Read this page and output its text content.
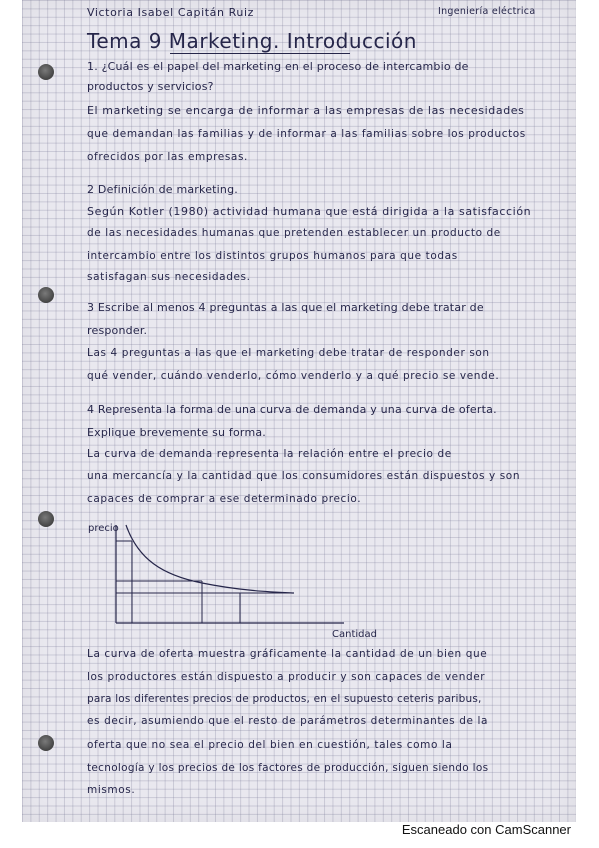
Victoria Isabel Capitán Ruiz	Ingeniería eléctrica
Tema 9 Marketing. Introducción
1. ¿Cuál es el papel del marketing en el proceso de intercambio de
productos y servicios?
El marketing se encarga de informar a las empresas de las necesidades
que demandan las familias y de informar a las familias sobre los productos
ofrecidos por las empresas.
2 Definición de marketing.
Según Kotler (1980) actividad humana que está dirigida a la satisfacción
de las necesidades humanas que pretenden establecer un producto de
intercambio entre los distintos grupos humanos para que todas
satisfagan sus necesidades.
3 Escribe al menos 4 preguntas a las que el marketing debe tratar de
responder.
Las 4 preguntas a las que el marketing debe tratar de responder son
qué vender, cuándo venderlo, cómo venderlo y a qué precio se vende.
4 Representa la forma de una curva de demanda y una curva de oferta.
Explique brevemente su forma.
La curva de demanda representa la relación entre el precio de
una mercancía y la cantidad que los consumidores están dispuestos y son
capaces de comprar a ese determinado precio.
precio
Cantidad
La curva de oferta muestra gráficamente la cantidad de un bien que
los productores están dispuesto a producir y son capaces de vender
para los diferentes precios de productos, en el supuesto ceteris paribus,
es decir, asumiendo que el resto de parámetros determinantes de la
oferta que no sea el precio del bien en cuestión, tales como la
tecnología y los precios de los factores de producción, siguen siendo los
mismos.
Escaneado con CamScanner
